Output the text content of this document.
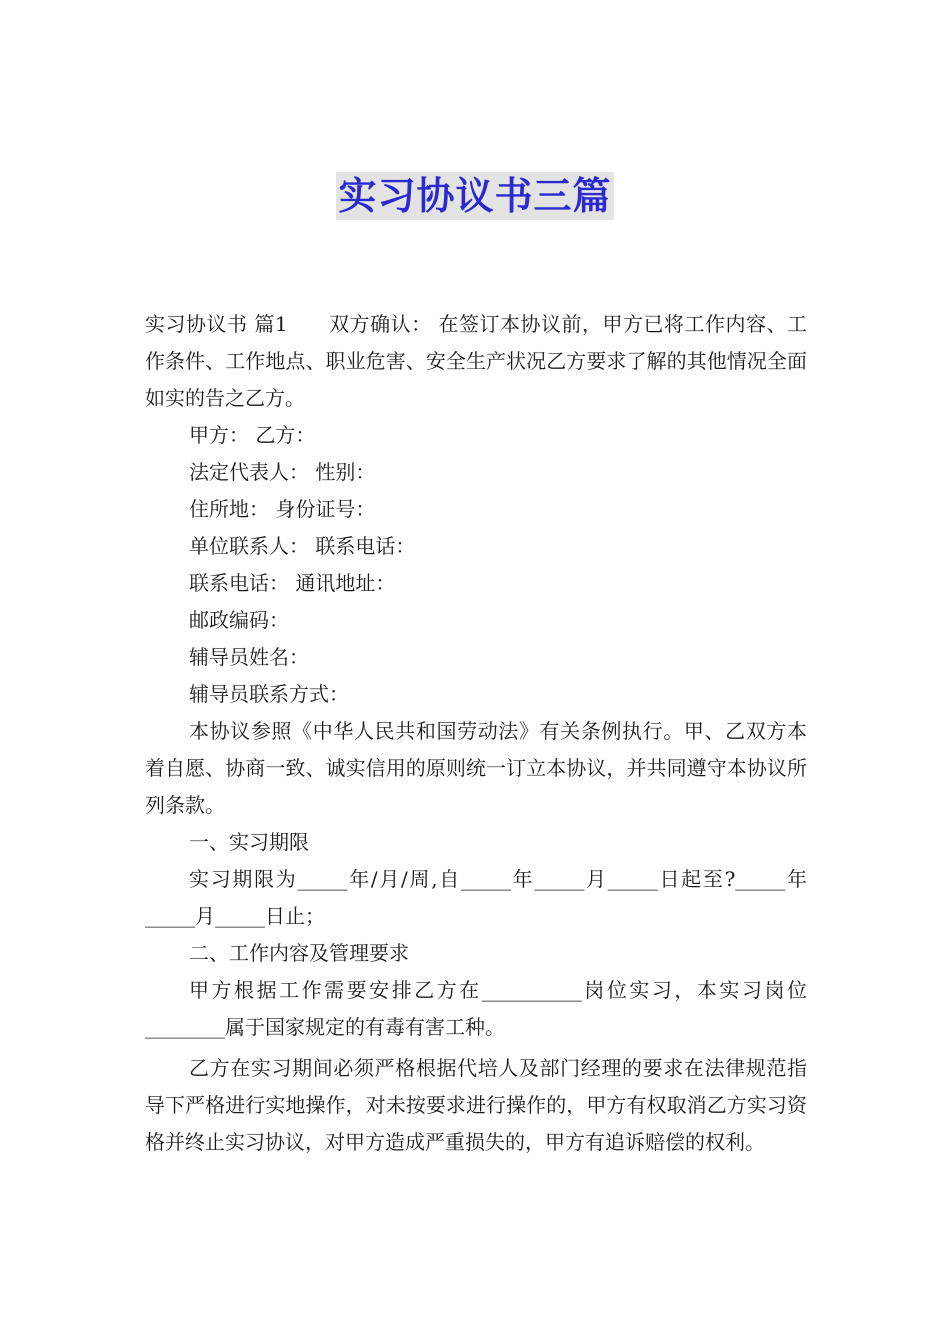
实习协议书三篇

实习协议书 篇1　　双方确认： 在签订本协议前，甲方已将工作内容、工作条件、工作地点、职业危害、安全生产状况乙方要求了解的其他情况全面如实的告之乙方。

甲方： 乙方：

法定代表人： 性别：

住所地： 身份证号：

单位联系人： 联系电话：

联系电话： 通讯地址：

邮政编码：

辅导员姓名：

辅导员联系方式：

本协议参照《中华人民共和国劳动法》有关条例执行。甲、乙双方本着自愿、协商一致、诚实信用的原则统一订立本协议，并共同遵守本协议所列条款。

一、实习期限

实习期限为_____年/月/周,自_____年_____月_____日起至?_____年_____月_____日止；

二、工作内容及管理要求

甲方根据工作需要安排乙方在__________岗位实习，本实习岗位________属于国家规定的有毒有害工种。

乙方在实习期间必须严格根据代培人及部门经理的要求在法律规范指导下严格进行实地操作，对未按要求进行操作的，甲方有权取消乙方实习资格并终止实习协议，对甲方造成严重损失的，甲方有追诉赔偿的权利。
